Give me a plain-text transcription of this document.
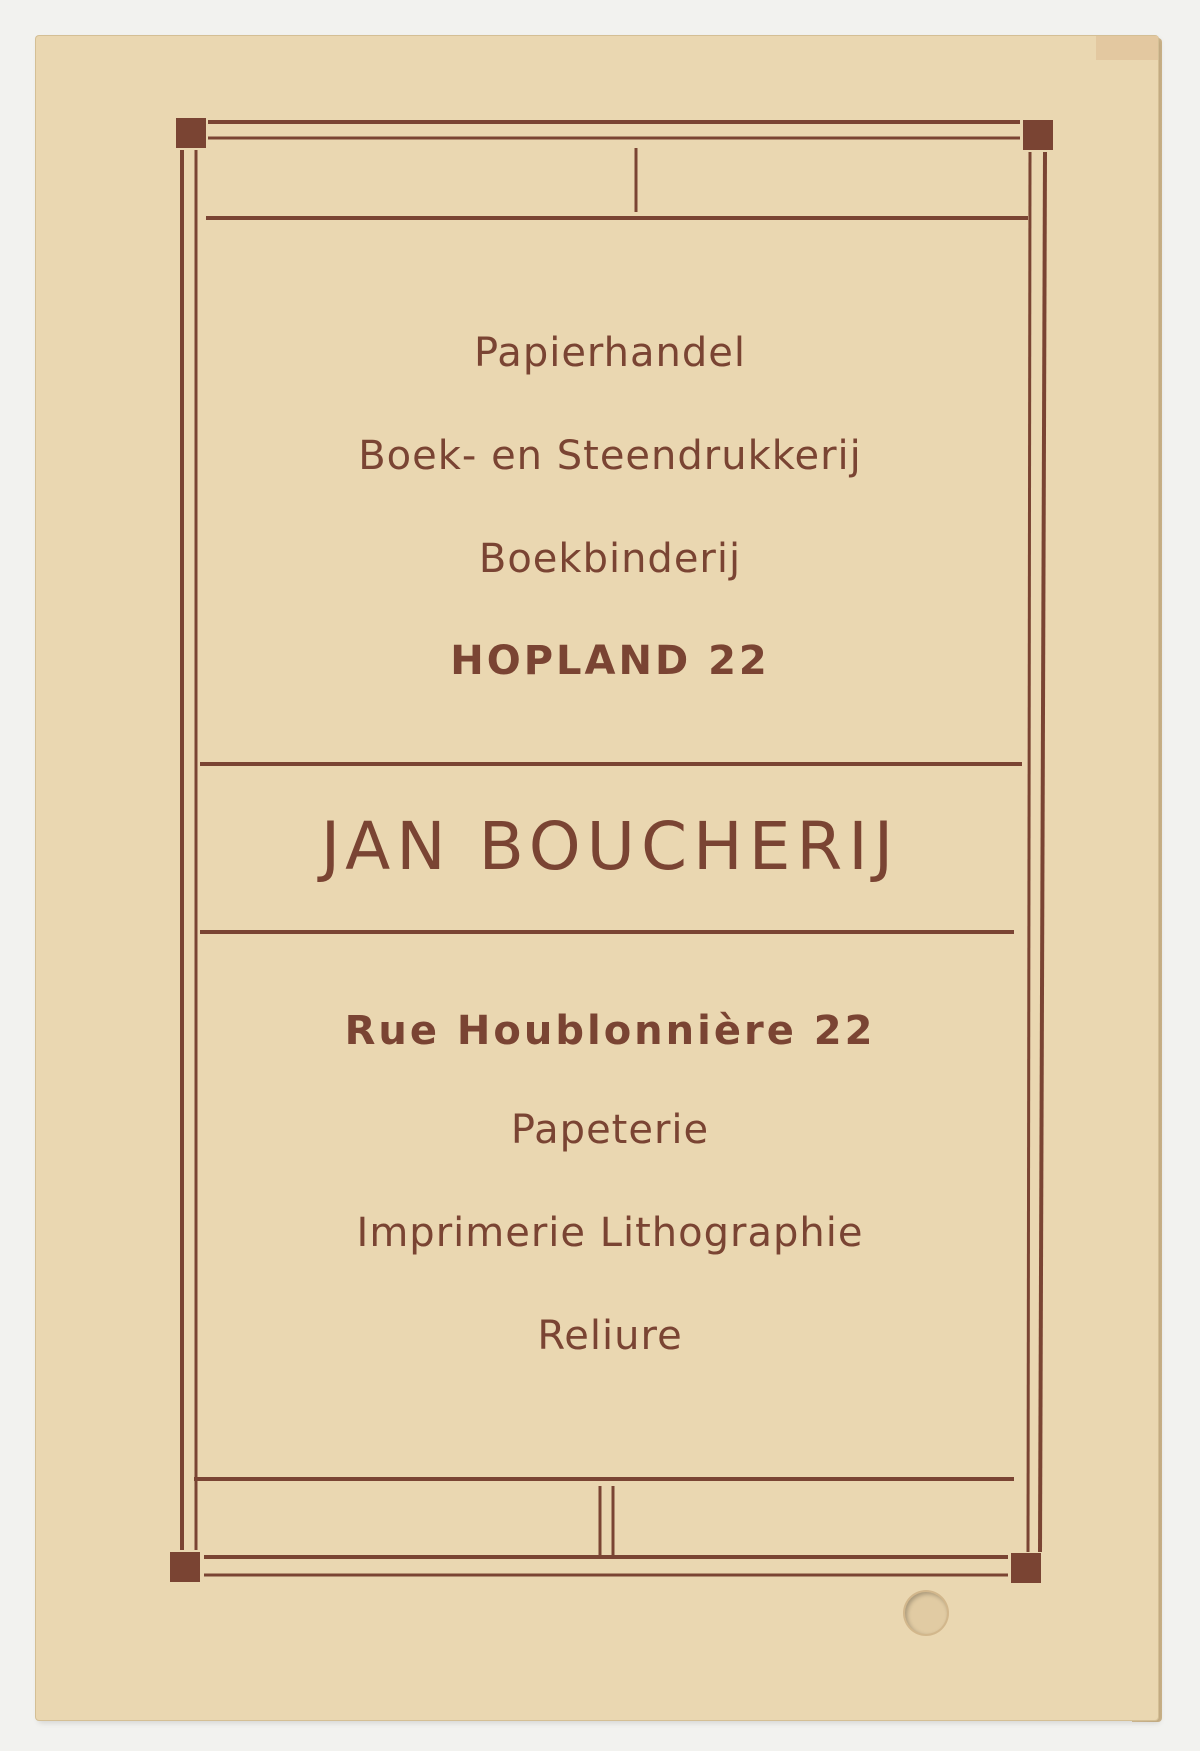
Papierhandel
Boek- en Steendrukkerij
Boekbinderij
HOPLAND 22
JAN BOUCHERIJ
Rue Houblonnière 22
Papeterie
Imprimerie Lithographie
Reliure
